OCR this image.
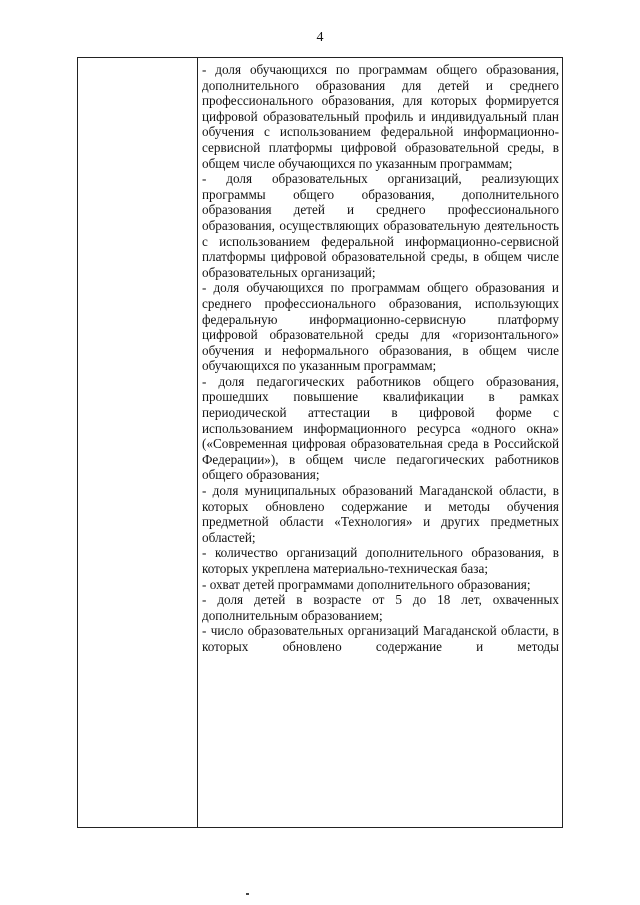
4

- доля обучающихся по программам общего образования, дополнительного образования для детей и среднего профессионального образования, для которых формируется цифровой образовательный профиль и индивидуальный план обучения с использованием федеральной информационно-сервисной платформы цифровой образовательной среды, в общем числе обучающихся по указанным программам;

- доля образовательных организаций, реализующих программы общего образования, дополнительного образования детей и среднего профессионального образования, осуществляющих образовательную деятельность с использованием федеральной информационно-сервисной платформы цифровой образовательной среды, в общем числе образовательных организаций;

- доля обучающихся по программам общего образования и среднего профессионального образования, использующих федеральную информационно-сервисную платформу цифровой образовательной среды для «горизонтального» обучения и неформального образования, в общем числе обучающихся по указанным программам;

- доля педагогических работников общего образования, прошедших повышение квалификации в рамках периодической аттестации в цифровой форме с использованием информационного ресурса «одного окна» («Современная цифровая образовательная среда в Российской Федерации»), в общем числе педагогических работников общего образования;

- доля муниципальных образований Магаданской области, в которых обновлено содержание и методы обучения предметной области «Технология» и других предметных областей;

- количество организаций дополнительного образования, в которых укреплена материально-техническая база;

- охват детей программами дополнительного образования;

- доля детей в возрасте от 5 до 18 лет, охваченных дополнительным образованием;

- число образовательных организаций Магаданской области, в которых обновлено содержание и методы
